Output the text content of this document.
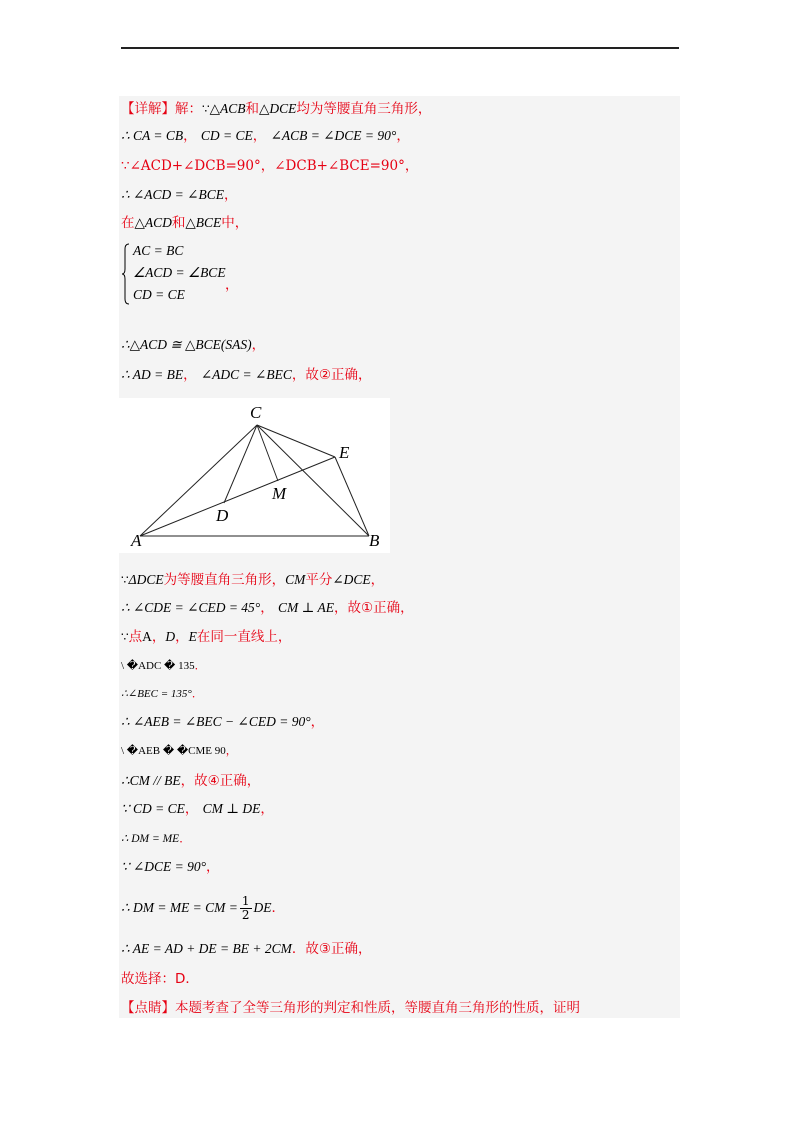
【详解】解：∵△ACB和△DCE均为等腰直角三角形，
∴ CA = CB， CD = CE， ∠ACB = ∠DCE = 90°，
∵∠ACD+∠DCB=90°，∠DCB+∠BCE=90°，
∴ ∠ACD = ∠BCE，
在△ACD和△BCE中，
AC = BC
∠ACD = ∠BCE
CD = CE
，
∴△ACD ≅ △BCE(SAS)，
∴ AD = BE， ∠ADC = ∠BEC，故②正确，
C
E
M
D
A	B
∵ΔDCE为等腰直角三角形，CM平分∠DCE，
∴ ∠CDE = ∠CED = 45°， CM ⊥ AE，故①正确，
∵点A，D，E在同一直线上，
\ �ADC � 135．
∴∠BEC = 135°．
∴ ∠AEB = ∠BEC − ∠CED = 90°，
\ �AEB � �CME 90，
∴CM // BE，故④正确，
∵ CD = CE， CM ⊥ DE，
∴ DM = ME．
∵ ∠DCE = 90°，
∴ DM = ME = CM = $\frac{1}{2}$ DE．
∴ AE = AD + DE = BE + 2CM．故③正确，
故选择：D．
【点睛】本题考查了全等三角形的判定和性质，等腰直角三角形的性质，证明
